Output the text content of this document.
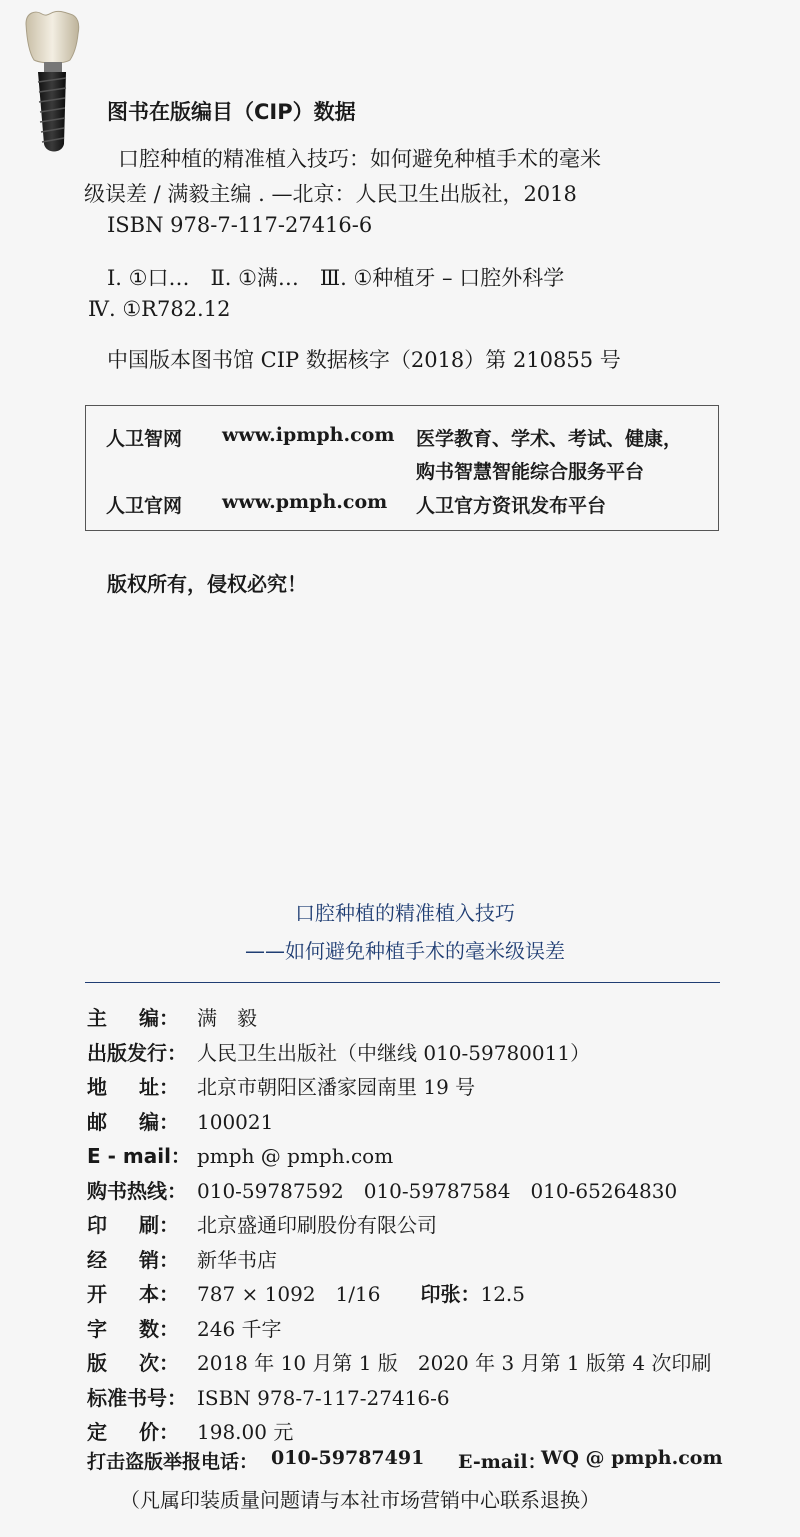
图书在版编目（CIP）数据
口腔种植的精准植入技巧：如何避免种植手术的毫米
级误差 / 满毅主编 . —北京：人民卫生出版社，2018
ISBN 978-7-117-27416-6
Ⅰ. ①口…　Ⅱ. ①满…　Ⅲ. ①种植牙 – 口腔外科学
Ⅳ. ①R782.12
中国版本图书馆 CIP 数据核字（2018）第 210855 号
人卫智网 www.ipmph.com 医学教育、学术、考试、健康，
购书智慧智能综合服务平台
人卫官网 www.pmph.com 人卫官方资讯发布平台
版权所有，侵权必究！
口腔种植的精准植入技巧
——如何避免种植手术的毫米级误差
主 编： 满　毅
出版发行： 人民卫生出版社（中继线 010-59780011）
地 址： 北京市朝阳区潘家园南里 19 号
邮 编： 100021
E - mail： pmph @ pmph.com
购书热线： 010-59787592　010-59787584　010-65264830
印 刷： 北京盛通印刷股份有限公司
经 销： 新华书店
开 本： 787 × 1092　1/16　　印张：12.5
字 数： 246 千字
版 次： 2018 年 10 月第 1 版　2020 年 3 月第 1 版第 4 次印刷
标准书号： ISBN 978-7-117-27416-6
定 价： 198.00 元
打击盗版举报电话： 010-59787491 E-mail：
WQ @ pmph.com
（凡属印装质量问题请与本社市场营销中心联系退换）
